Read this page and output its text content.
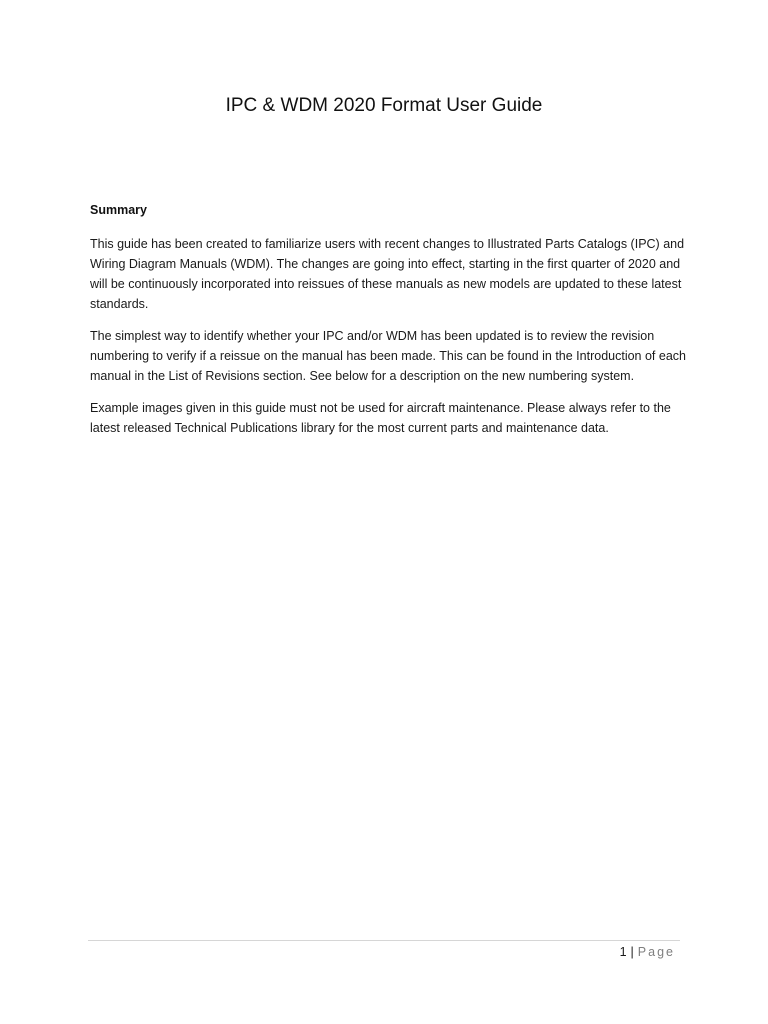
IPC & WDM 2020 Format User Guide

Summary

This guide has been created to familiarize users with recent changes to Illustrated Parts Catalogs (IPC) and Wiring Diagram Manuals (WDM). The changes are going into effect, starting in the first quarter of 2020 and will be continuously incorporated into reissues of these manuals as new models are updated to these latest standards.

The simplest way to identify whether your IPC and/or WDM has been updated is to review the revision numbering to verify if a reissue on the manual has been made. This can be found in the Introduction of each manual in the List of Revisions section. See below for a description on the new numbering system.

Example images given in this guide must not be used for aircraft maintenance. Please always refer to the latest released Technical Publications library for the most current parts and maintenance data.

1 | Page
